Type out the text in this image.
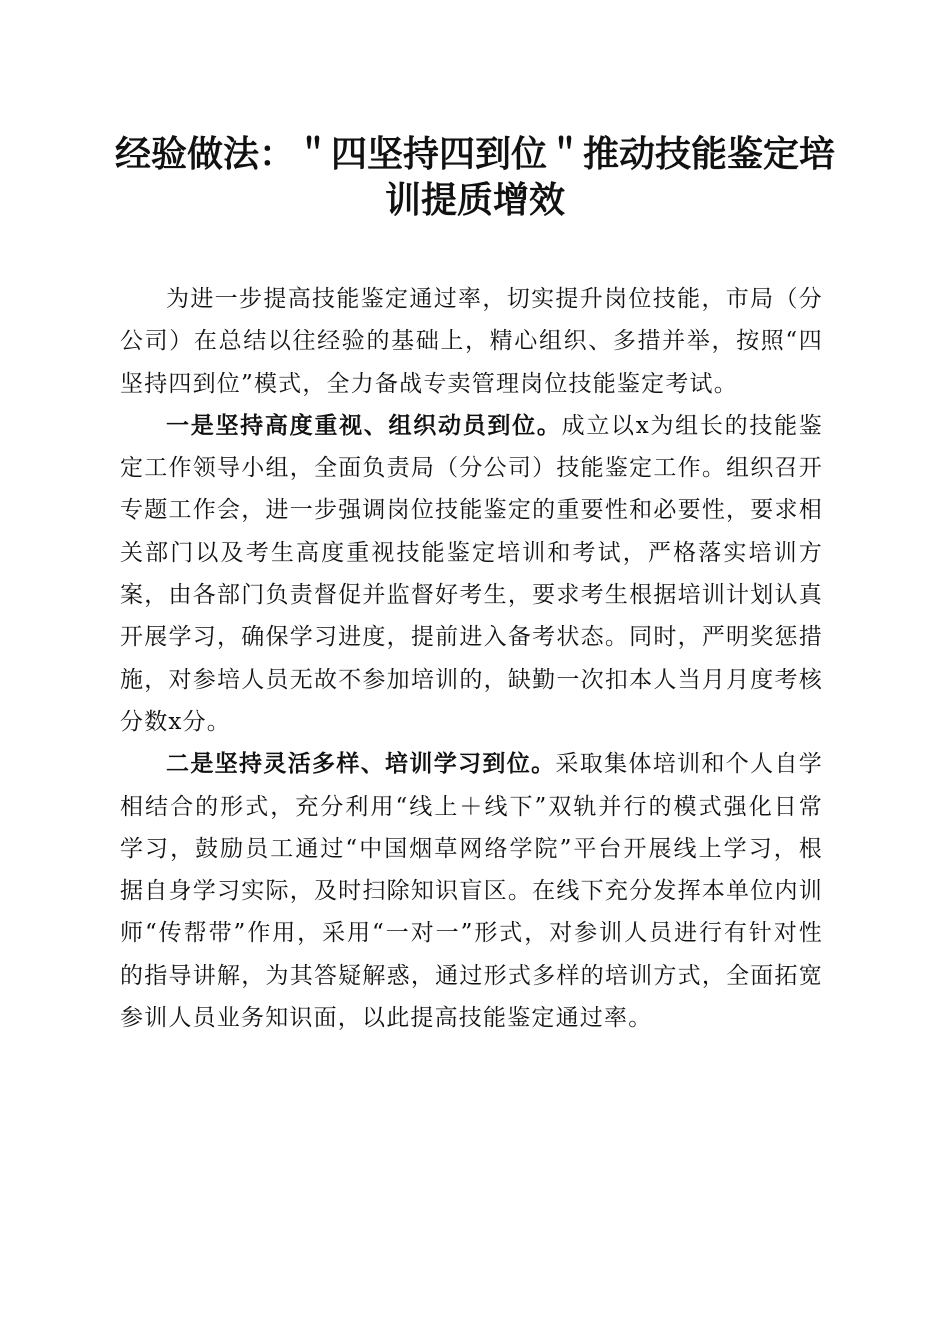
经验做法：＂四坚持四到位＂推动技能鉴定培
训提质增效

为进一步提高技能鉴定通过率，切实提升岗位技能，市局（分公司）在总结以往经验的基础上，精心组织、多措并举，按照“四坚持四到位”模式，全力备战专卖管理岗位技能鉴定考试。

一是坚持高度重视、组织动员到位。成立以x为组长的技能鉴定工作领导小组，全面负责局（分公司）技能鉴定工作。组织召开专题工作会，进一步强调岗位技能鉴定的重要性和必要性，要求相关部门以及考生高度重视技能鉴定培训和考试，严格落实培训方案，由各部门负责督促并监督好考生，要求考生根据培训计划认真开展学习，确保学习进度，提前进入备考状态。同时，严明奖惩措施，对参培人员无故不参加培训的，缺勤一次扣本人当月月度考核分数x分。

二是坚持灵活多样、培训学习到位。采取集体培训和个人自学相结合的形式，充分利用“线上＋线下”双轨并行的模式强化日常学习，鼓励员工通过“中国烟草网络学院”平台开展线上学习，根据自身学习实际，及时扫除知识盲区。在线下充分发挥本单位内训师“传帮带”作用，采用“一对一”形式，对参训人员进行有针对性的指导讲解，为其答疑解惑，通过形式多样的培训方式，全面拓宽参训人员业务知识面，以此提高技能鉴定通过率。
